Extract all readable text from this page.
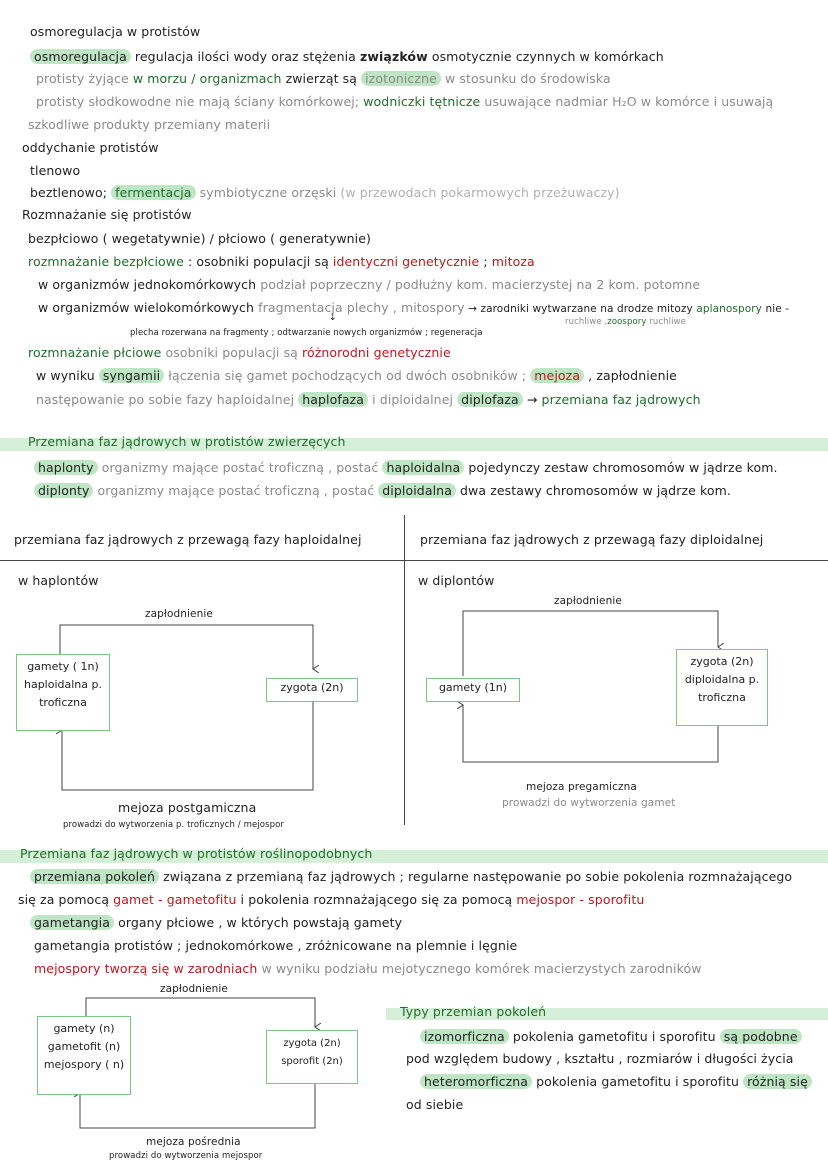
osmoregulacja w protistów
osmoregulacja regulacja ilości wody oraz stężenia związków osmotycznie czynnych w komórkach
protisty żyjące w morzu / organizmach zwierząt są izotoniczne w stosunku do środowiska
protisty słodkowodne nie mają ściany komórkowej; wodniczki tętnicze usuwające nadmiar H₂O w komórce i usuwają
szkodliwe produkty przemiany materii
oddychanie protistów
tlenowo
beztlenowo; fermentacja symbiotyczne orzęski (w przewodach pokarmowych przeżuwaczy)
Rozmnażanie się protistów
bezpłciowo ( wegetatywnie) / płciowo ( generatywnie)
rozmnażanie bezpłciowe : osobniki populacji są identyczni genetycznie ; mitoza
w organizmów jednokomórkowych podział poprzeczny / podłużny kom. macierzystej na 2 kom. potomne
w organizmów wielokomórkowych fragmentacja plechy , mitospory → zarodniki wytwarzane na drodze mitozy aplanospory nie -
ruchliwe ,zoospory ruchliwe
↓
plecha rozerwana na fragmenty ; odtwarzanie nowych organizmów ; regeneracja
rozmnażanie płciowe osobniki populacji są różnorodni genetycznie
w wyniku syngamii łączenia się gamet pochodzących od dwóch osobników ; mejoza , zapłodnienie
następowanie po sobie fazy haploidalnej haplofaza i diploidalnej diplofaza → przemiana faz jądrowych
Przemiana faz jądrowych w protistów zwierzęcych
haplonty organizmy mające postać troficzną , postać haploidalna pojedynczy zestaw chromosomów w jądrze kom.
diplonty organizmy mające postać troficzną , postać diploidalna dwa zestawy chromosomów w jądrze kom.
przemiana faz jądrowych z przewagą fazy haploidalnej	przemiana faz jądrowych z przewagą fazy diploidalnej
w haplontów	w diplontów
zapłodnienie
gamety ( 1n)
haploidalna p.
troficzna
zygota (2n)
mejoza postgamiczna
prowadzi do wytworzenia p. troficznych / mejospor
zapłodnienie
gamety (1n)
zygota (2n)
diploidalna p.
troficzna
mejoza pregamiczna
prowadzi do wytworzenia gamet
Przemiana faz jądrowych w protistów roślinopodobnych
przemiana pokoleń związana z przemianą faz jądrowych ; regularne następowanie po sobie pokolenia rozmnażającego
się za pomocą gamet - gametofitu i pokolenia rozmnażającego się za pomocą mejospor - sporofitu
gametangia organy płciowe , w których powstają gamety
gametangia protistów ; jednokomórkowe , zróżnicowane na plemnie i lęgnie
mejospory tworzą się w zarodniach w wyniku podziału mejotycznego komórek macierzystych zarodników
zapłodnienie
gamety (n)
gametofit (n)
mejospory ( n)
zygota (2n)
sporofit (2n)
mejoza pośrednia
prowadzi do wytworzenia mejospor
Typy przemian pokoleń
izomorficzna pokolenia gametofitu i sporofitu są podobne
pod względem budowy , kształtu , rozmiarów i długości życia
heteromorficzna pokolenia gametofitu i sporofitu różnią się
od siebie
